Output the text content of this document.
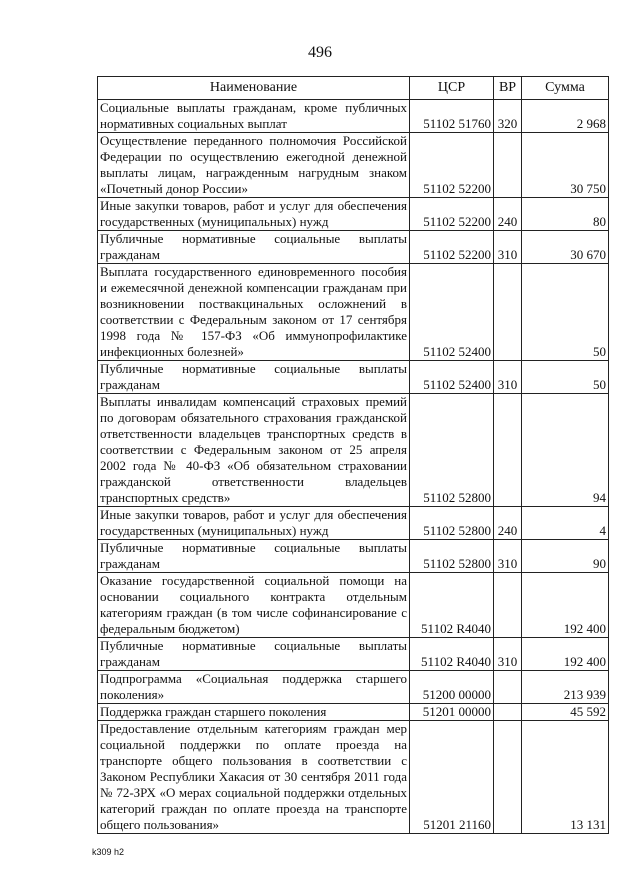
496
Наименование	ЦСР	ВР	Сумма
Социальные выплаты гражданам, кроме публичных нормативных социальных выплат	51102 51760	320	2 968
Осуществление переданного полномочия Российской Федерации по осуществлению ежегодной денежной выплаты лицам, награжденным нагрудным знаком «Почетный донор России»	51102 52200		30 750
Иные закупки товаров, работ и услуг для обеспечения государственных (муниципальных) нужд	51102 52200	240	80
Публичные нормативные социальные выплаты гражданам	51102 52200	310	30 670
Выплата государственного единовременного пособия и ежемесячной денежной компенсации гражданам при возникновении поствакцинальных осложнений в соответствии с Федеральным законом от 17 сентября 1998 года № 157-ФЗ «Об иммунопрофилактике инфекционных болезней»	51102 52400		50
Публичные нормативные социальные выплаты гражданам	51102 52400	310	50
Выплаты инвалидам компенсаций страховых премий по договорам обязательного страхования гражданской ответственности владельцев транспортных средств в соответствии с Федеральным законом от 25 апреля 2002 года № 40-ФЗ «Об обязательном страховании гражданской ответственности владельцев транспортных средств»	51102 52800		94
Иные закупки товаров, работ и услуг для обеспечения государственных (муниципальных) нужд	51102 52800	240	4
Публичные нормативные социальные выплаты гражданам	51102 52800	310	90
Оказание государственной социальной помощи на основании социального контракта отдельным категориям граждан (в том числе софинансирование с федеральным бюджетом)	51102 R4040		192 400
Публичные нормативные социальные выплаты гражданам	51102 R4040	310	192 400
Подпрограмма «Социальная поддержка старшего поколения»	51200 00000		213 939
Поддержка граждан старшего поколения	51201 00000		45 592
Предоставление отдельным категориям граждан мер социальной поддержки по оплате проезда на транспорте общего пользования в соответствии с Законом Республики Хакасия от 30 сентября 2011 года № 72-ЗРХ «О мерах социальной поддержки отдельных категорий граждан по оплате проезда на транспорте общего пользования»	51201 21160		13 131
k309 h2
